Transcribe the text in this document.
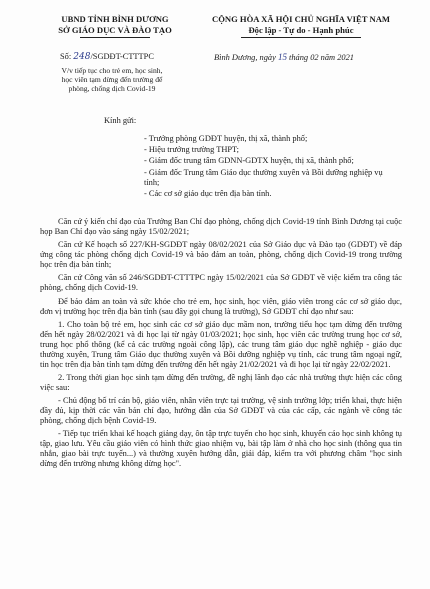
UBND TỈNH BÌNH DƯƠNG
SỞ GIÁO DỤC VÀ ĐÀO TẠO
CỘNG HÒA XÃ HỘI CHỦ NGHĨA VIỆT NAM
Độc lập - Tự do - Hạnh phúc
Số: 248/SGDĐT-CTTTPC	Bình Dương, ngày 15 tháng 02 năm 2021
V/v tiếp tục cho trẻ em, học sinh,
học viên tạm dừng đến trường để
phòng, chống dịch Covid-19
Kính gửi:
- Trưởng phòng GDĐT huyện, thị xã, thành phố;
- Hiệu trưởng trường THPT;
- Giám đốc trung tâm GDNN-GDTX huyện, thị xã, thành phố;
- Giám đốc Trung tâm Giáo dục thường xuyên và Bồi dưỡng nghiệp vụ tỉnh;
- Các cơ sở giáo dục trên địa bàn tỉnh.

Căn cứ ý kiến chỉ đạo của Trưởng Ban Chỉ đạo phòng, chống dịch Covid-19 tỉnh Bình Dương tại cuộc họp Ban Chỉ đạo vào sáng ngày 15/02/2021;

Căn cứ Kế hoạch số 227/KH-SGDĐT ngày 08/02/2021 của Sở Giáo dục và Đào tạo (GDĐT) về đáp ứng công tác phòng chống dịch Covid-19 và bảo đảm an toàn, phòng, chống dịch Covid-19 trong trường học trên địa bàn tỉnh;

Căn cứ Công văn số 246/SGDĐT-CTTTPC ngày 15/02/2021 của Sở GDĐT về việc kiểm tra công tác phòng, chống dịch Covid-19.

Để bảo đảm an toàn và sức khỏe cho trẻ em, học sinh, học viên, giáo viên trong các cơ sở giáo dục, đơn vị trường học trên địa bàn tỉnh (sau đây gọi chung là trường), Sở GDĐT chỉ đạo như sau:

1. Cho toàn bộ trẻ em, học sinh các cơ sở giáo dục mầm non, trường tiểu học tạm dừng đến trường đến hết ngày 28/02/2021 và đi học lại từ ngày 01/03/2021; học sinh, học viên các trường trung học cơ sở, trung học phổ thông (kể cả các trường ngoài công lập), các trung tâm giáo dục nghề nghiệp - giáo dục thường xuyên, Trung tâm Giáo dục thường xuyên và Bồi dưỡng nghiệp vụ tỉnh, các trung tâm ngoại ngữ, tin học trên địa bàn tỉnh tạm dừng đến trường đến hết ngày 21/02/2021 và đi học lại từ ngày 22/02/2021.

2. Trong thời gian học sinh tạm dừng đến trường, đề nghị lãnh đạo các nhà trường thực hiện các công việc sau:

- Chủ động bố trí cán bộ, giáo viên, nhân viên trực tại trường, vệ sinh trường lớp; triển khai, thực hiện đầy đủ, kịp thời các văn bản chỉ đạo, hướng dẫn của Sở GDĐT và của các cấp, các ngành về công tác phòng, chống dịch bệnh Covid-19.

- Tiếp tục triển khai kế hoạch giảng dạy, ôn tập trực tuyến cho học sinh, khuyến cáo học sinh không tụ tập, giao lưu. Yêu cầu giáo viên có hình thức giao nhiệm vụ, bài tập làm ở nhà cho học sinh (thông qua tin nhắn, giao bài trực tuyến...) và thường xuyên hướng dẫn, giải đáp, kiểm tra với phương châm "học sinh dừng đến trường nhưng không dừng học".
